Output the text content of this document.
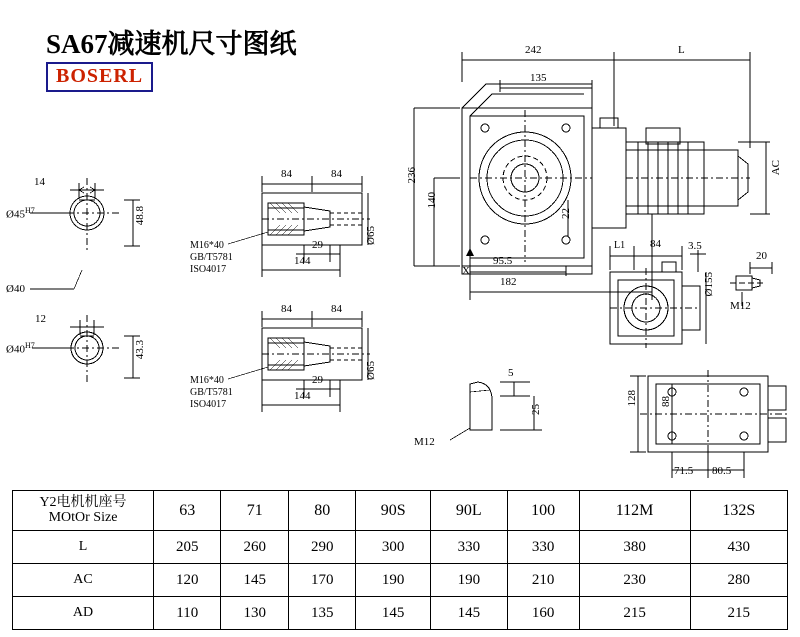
SA67减速机尺寸图纸
BOSERL
14
$Ø45^{H7}$
Ø40
48.8
12
$Ø40^{H7}$	43.3
84	84
29
144
Ø65
M16*40
GB/T5781
ISO4017
84	84
29
144
Ø65
M16*40
GB/T5781
ISO4017
242
135
L
236
140
22
95.5
182
AC
X
L1 84 3.5
20
Ø155
M12
5
25
M12
128 88
71.5 80.5
Y2电机机座号
MOtOr Size	63	71	80	90S	90L	100	112M	132S
L	205	260	290	300	330	330	380	430
AC	120	145	170	190	190	210	230	280
AD	110	130	135	145	145	160	215	215
